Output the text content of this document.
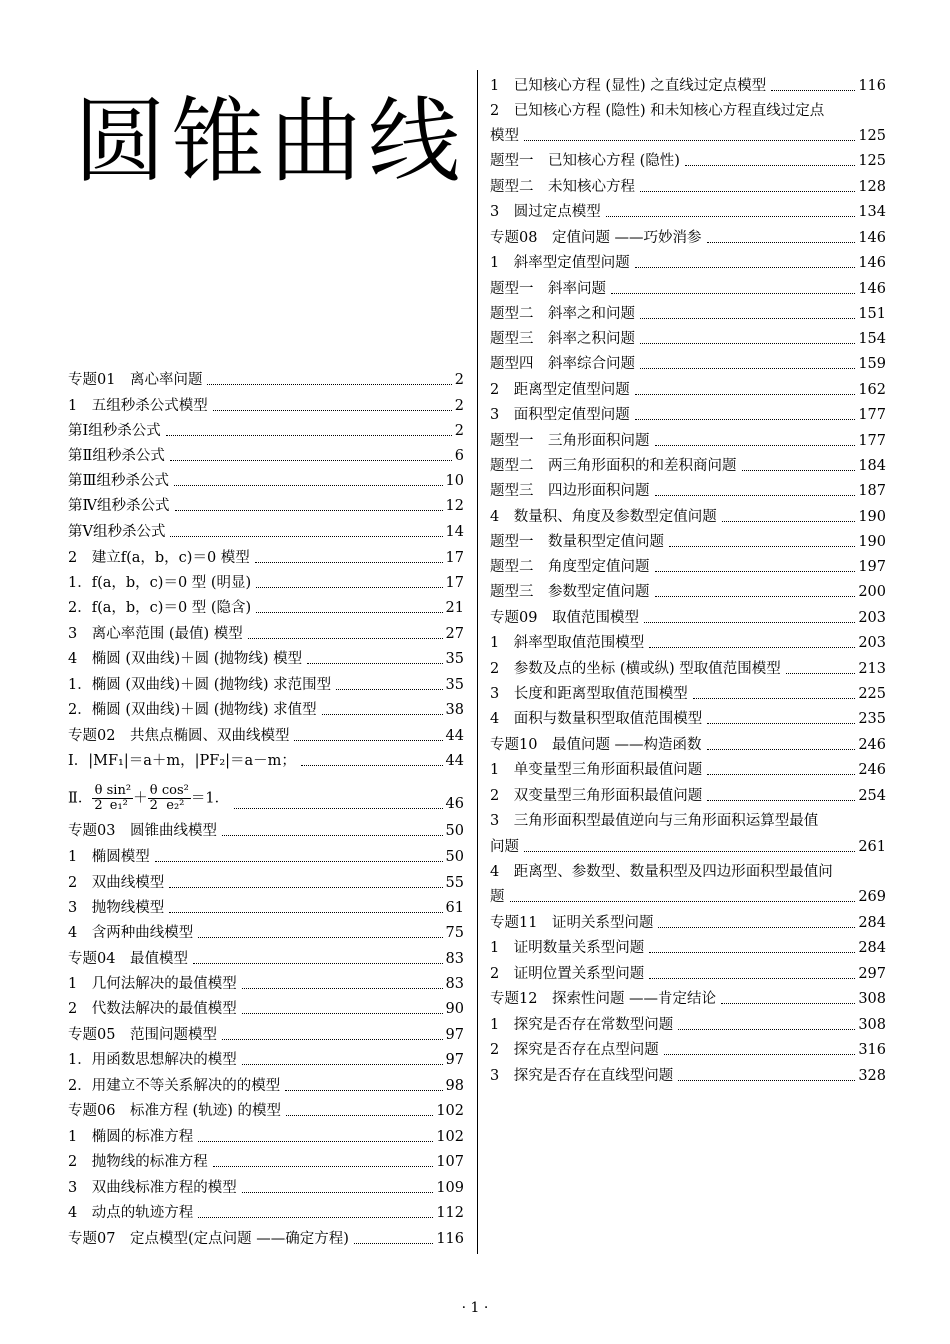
圆锥曲线
专题01　离心率问题	2
1　五组秒杀公式模型	2
第Ⅰ组秒杀公式	2
第Ⅱ组秒杀公式	6
第Ⅲ组秒杀公式	10
第Ⅳ组秒杀公式	12
第Ⅴ组秒杀公式	14
2　建立f(a，b，c)＝0 模型	17
1．f(a，b，c)＝0 型 (明显)	17
2．f(a，b，c)＝0 型 (隐含)	21
3　离心率范围 (最值) 模型	27
4　椭圆 (双曲线)＋圆 (抛物线) 模型	35
1．椭圆 (双曲线)＋圆 (抛物线) 求范围型	35
2．椭圆 (双曲线)＋圆 (抛物线) 求值型	38
专题02　共焦点椭圆、双曲线模型	44
Ⅰ．|MF₁|＝a＋m，|PF₂|＝a－m；	44
Ⅱ． $\frac{\theta}{2} \frac{\text{sin²}}{\text{e₁²}} + \frac{\theta}{2} \frac{\text{cos²}}{\text{e₂²}} =1$．	46
专题03　圆锥曲线模型	50
1　椭圆模型	50
2　双曲线模型	55
3　抛物线模型	61
4　含两种曲线模型	75
专题04　最值模型	83
1　几何法解决的最值模型	83
2　代数法解决的最值模型	90
专题05　范围问题模型	97
1．用函数思想解决的模型	97
2．用建立不等关系解决的的模型	98
专题06　标准方程 (轨迹) 的模型	102
1　椭圆的标准方程	102
2　抛物线的标准方程	107
3　双曲线标准方程的模型	109
4　动点的轨迹方程	112
专题07　定点模型(定点问题 ——确定方程)	116
1　已知核心方程 (显性) 之直线过定点模型	116
2　已知核心方程 (隐性) 和未知核心方程直线过定点
模型	125
题型一　已知核心方程 (隐性)	125
题型二　未知核心方程	128
3　圆过定点模型	134
专题08　定值问题 ——巧妙消参	146
1　斜率型定值型问题	146
题型一　斜率问题	146
题型二　斜率之和问题	151
题型三　斜率之积问题	154
题型四　斜率综合问题	159
2　距离型定值型问题	162
3　面积型定值型问题	177
题型一　三角形面积问题	177
题型二　两三角形面积的和差积商问题	184
题型三　四边形面积问题	187
4　数量积、角度及参数型定值问题	190
题型一　数量积型定值问题	190
题型二　角度型定值问题	197
题型三　参数型定值问题	200
专题09　取值范围模型	203
1　斜率型取值范围模型	203
2　参数及点的坐标 (横或纵) 型取值范围模型	213
3　长度和距离型取值范围模型	225
4　面积与数量积型取值范围模型	235
专题10　最值问题 ——构造函数	246
1　单变量型三角形面积最值问题	246
2　双变量型三角形面积最值问题	254
3　三角形面积型最值逆向与三角形面积运算型最值
问题	261
4　距离型、参数型、数量积型及四边形面积型最值问
题	269
专题11　证明关系型问题	284
1　证明数量关系型问题	284
2　证明位置关系型问题	297
专题12　探索性问题 ——肯定结论	308
1　探究是否存在常数型问题	308
2　探究是否存在点型问题	316
3　探究是否存在直线型问题	328
· 1 ·
